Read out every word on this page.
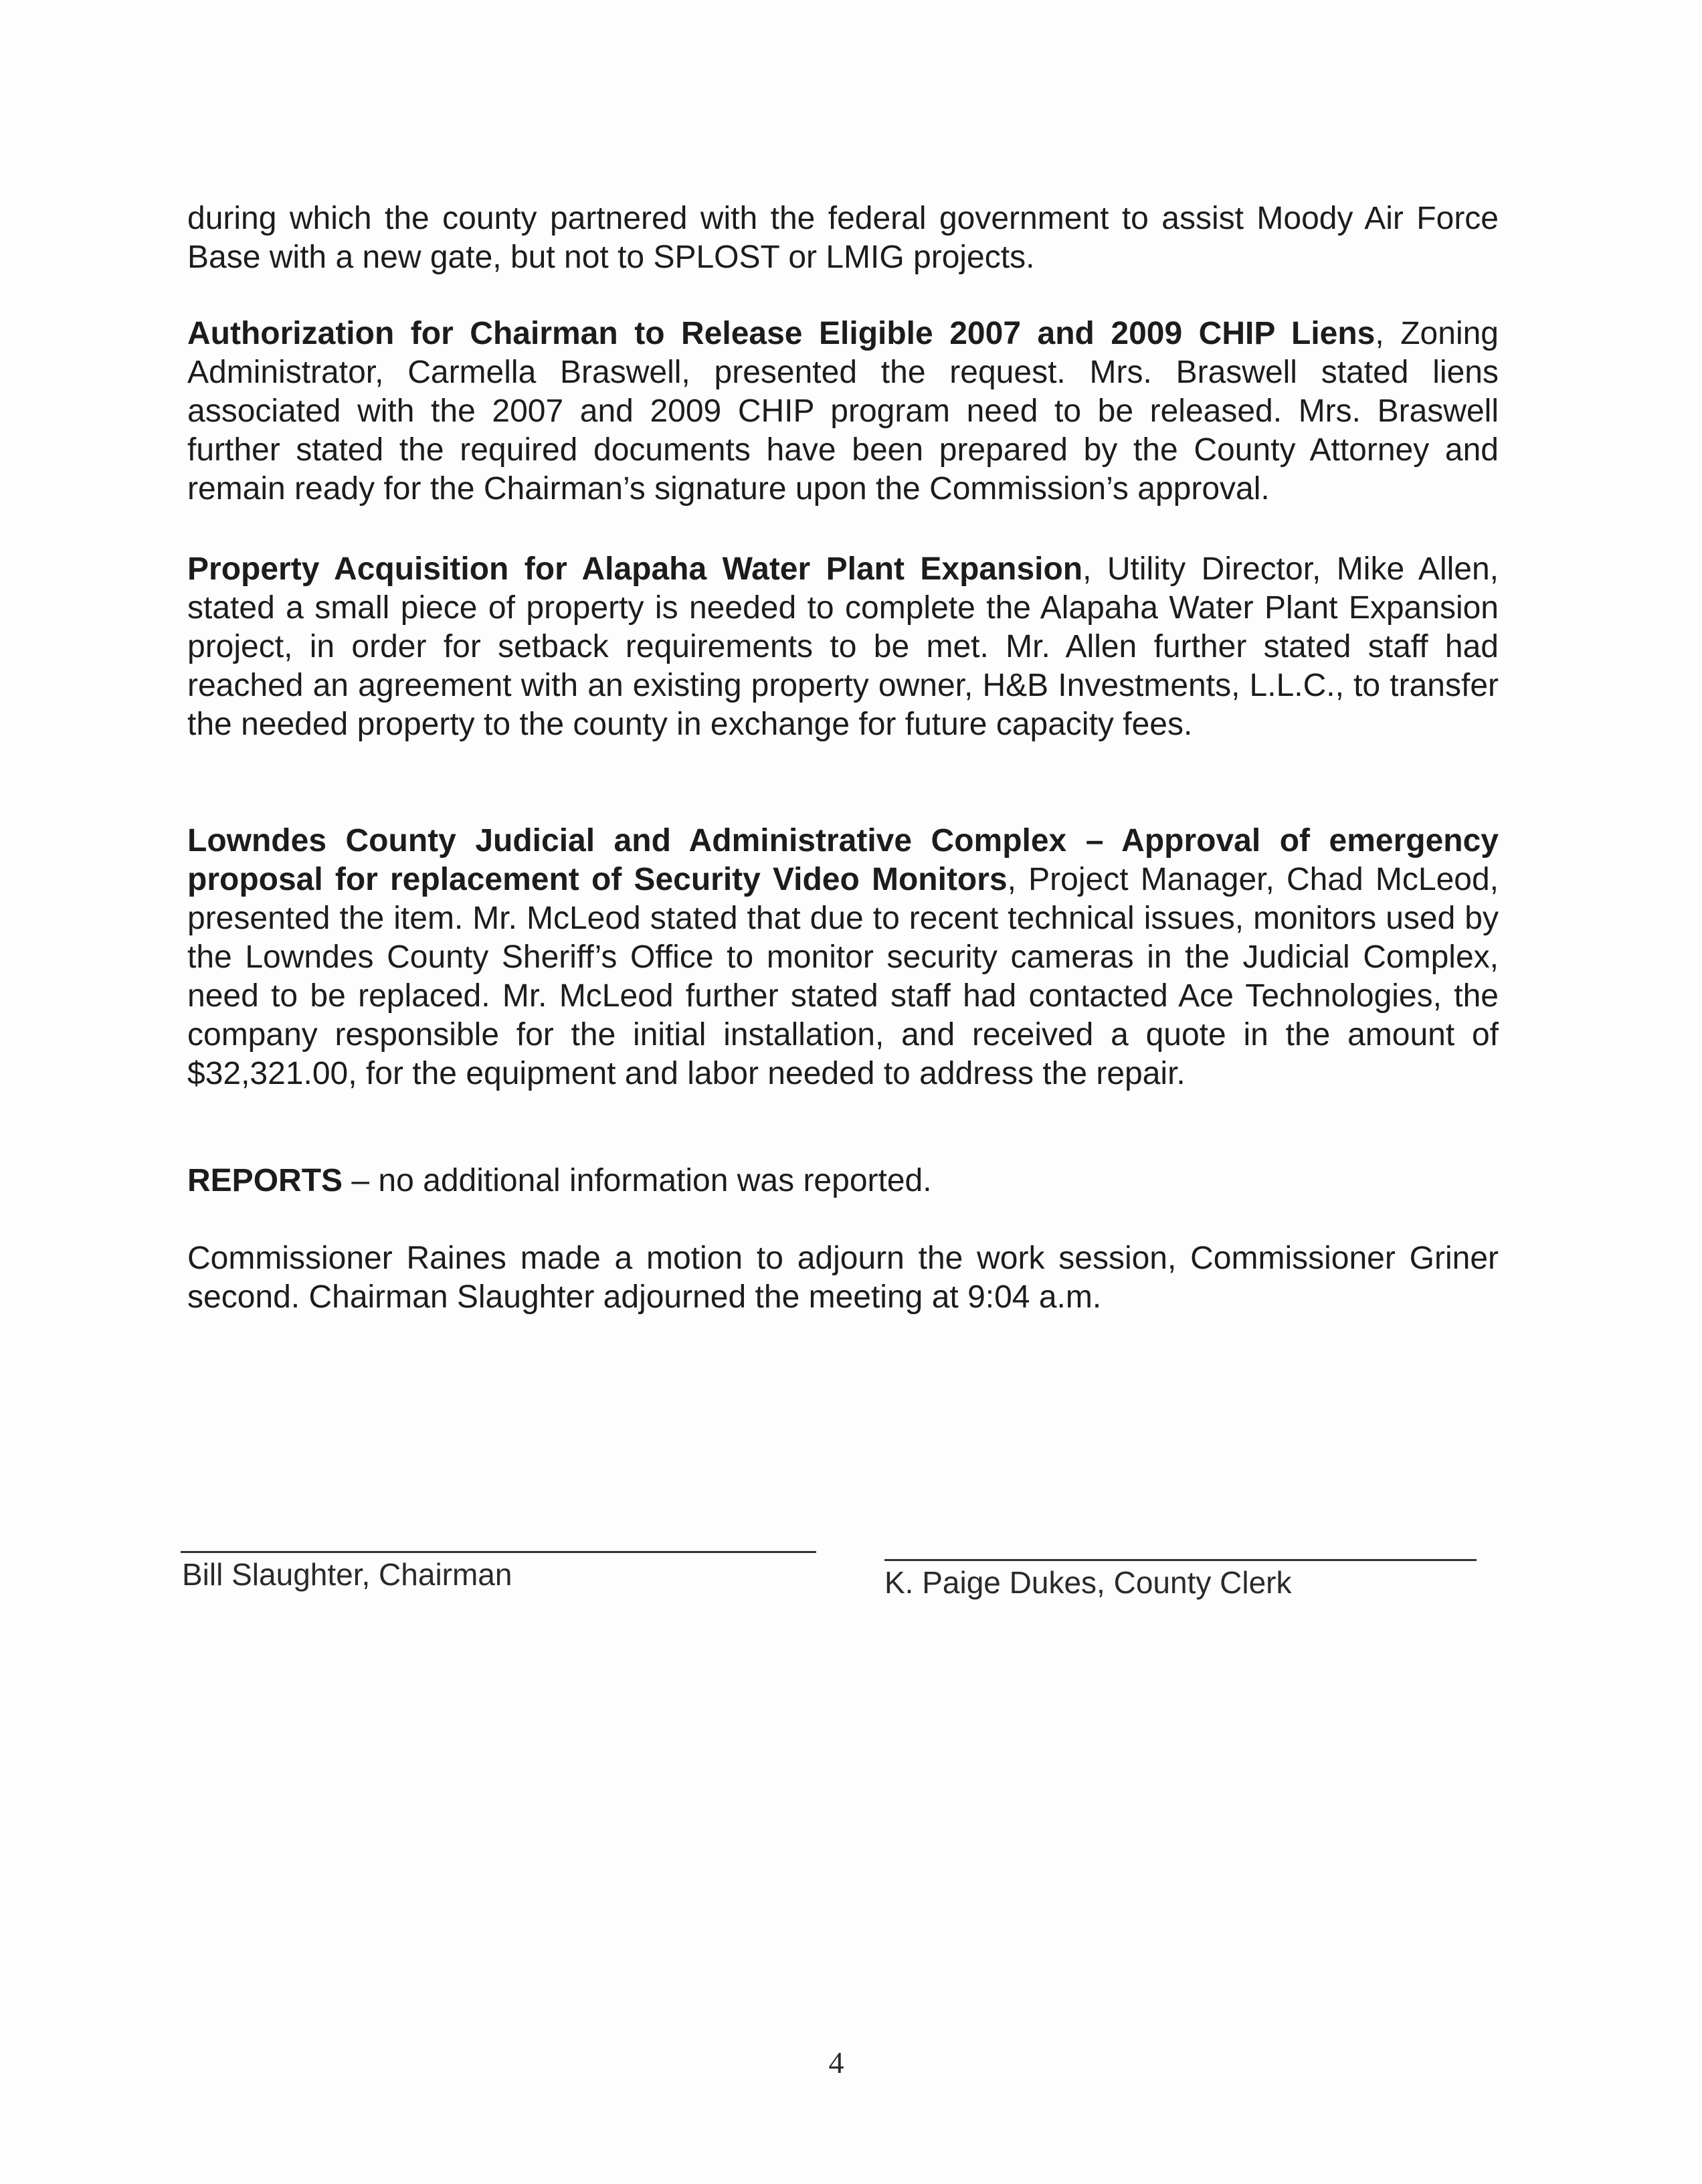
during which the county partnered with the federal government to assist Moody Air Force Base with a new gate, but not to SPLOST or LMIG projects.

Authorization for Chairman to Release Eligible 2007 and 2009 CHIP Liens, Zoning Administrator, Carmella Braswell, presented the request. Mrs. Braswell stated liens associated with the 2007 and 2009 CHIP program need to be released. Mrs. Braswell further stated the required documents have been prepared by the County Attorney and remain ready for the Chairman’s signature upon the Commission’s approval.

Property Acquisition for Alapaha Water Plant Expansion, Utility Director, Mike Allen, stated a small piece of property is needed to complete the Alapaha Water Plant Expansion project, in order for setback requirements to be met. Mr. Allen further stated staff had reached an agreement with an existing property owner, H&B Investments, L.L.C., to transfer the needed property to the county in exchange for future capacity fees.

Lowndes County Judicial and Administrative Complex – Approval of emergency proposal for replacement of Security Video Monitors, Project Manager, Chad McLeod, presented the item. Mr. McLeod stated that due to recent technical issues, monitors used by the Lowndes County Sheriff’s Office to monitor security cameras in the Judicial Complex, need to be replaced. Mr. McLeod further stated staff had contacted Ace Technologies, the company responsible for the initial installation, and received a quote in the amount of $32,321.00, for the equipment and labor needed to address the repair.

REPORTS – no additional information was reported.

Commissioner Raines made a motion to adjourn the work session, Commissioner Griner second. Chairman Slaughter adjourned the meeting at 9:04 a.m.

Bill Slaughter, Chairman	K. Paige Dukes, County Clerk
4
